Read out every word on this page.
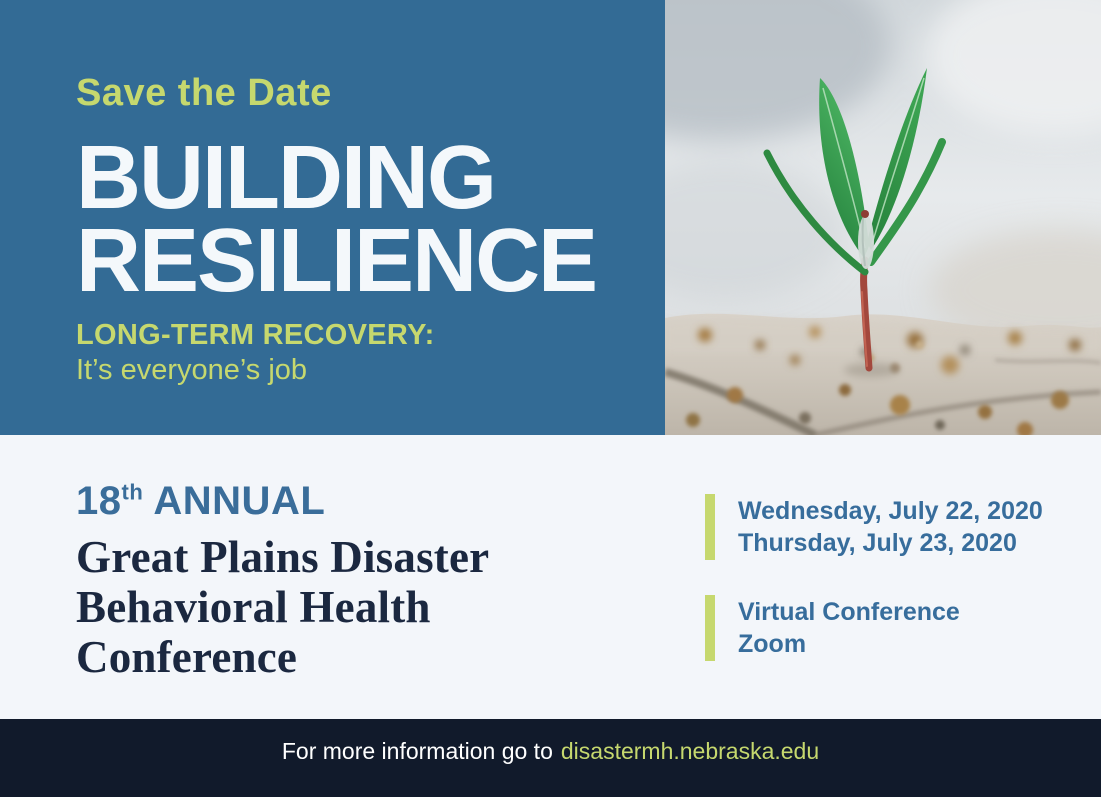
Save the Date
BUILDING
RESILIENCE
LONG-TERM RECOVERY:
It’s everyone’s job
18th ANNUAL
Great Plains Disaster
Behavioral Health
Conference
Wednesday, July 22, 2020
Thursday, July 23, 2020
Virtual Conference
Zoom
For more information go to disastermh.nebraska.edu
